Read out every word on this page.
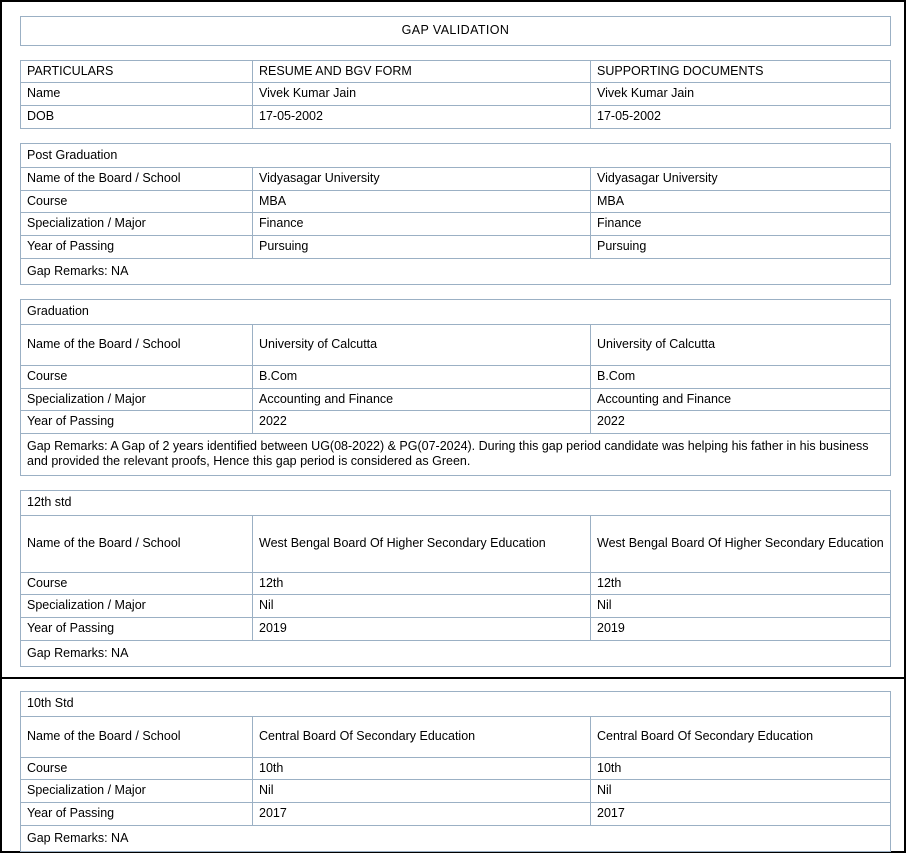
GAP VALIDATION
PARTICULARS	RESUME AND BGV FORM	SUPPORTING DOCUMENTS
Name	Vivek Kumar Jain	Vivek Kumar Jain
DOB	17-05-2002	17-05-2002
Post Graduation		
Name of the Board / School	Vidyasagar University	Vidyasagar University
Course	MBA	MBA
Specialization / Major	Finance	Finance
Year of Passing	Pursuing	Pursuing
Gap Remarks: NA		
Graduation		
Name of the Board / School	University of Calcutta	University of Calcutta
Course	B.Com	B.Com
Specialization / Major	Accounting and Finance	Accounting and Finance
Year of Passing	2022	2022
Gap Remarks: A Gap of 2 years identified between UG(08-2022) & PG(07-2024). During this gap period candidate was helping his father in his business and provided the relevant proofs, Hence this gap period is considered as Green.		
12th std		
Name of the Board / School	West Bengal Board Of Higher Secondary Education	West Bengal Board Of Higher Secondary Education
Course	12th	12th
Specialization / Major	Nil	Nil
Year of Passing	2019	2019
Gap Remarks: NA		
10th Std		
Name of the Board / School	Central Board Of Secondary Education	Central Board Of Secondary Education
Course	10th	10th
Specialization / Major	Nil	Nil
Year of Passing	2017	2017
Gap Remarks: NA		
